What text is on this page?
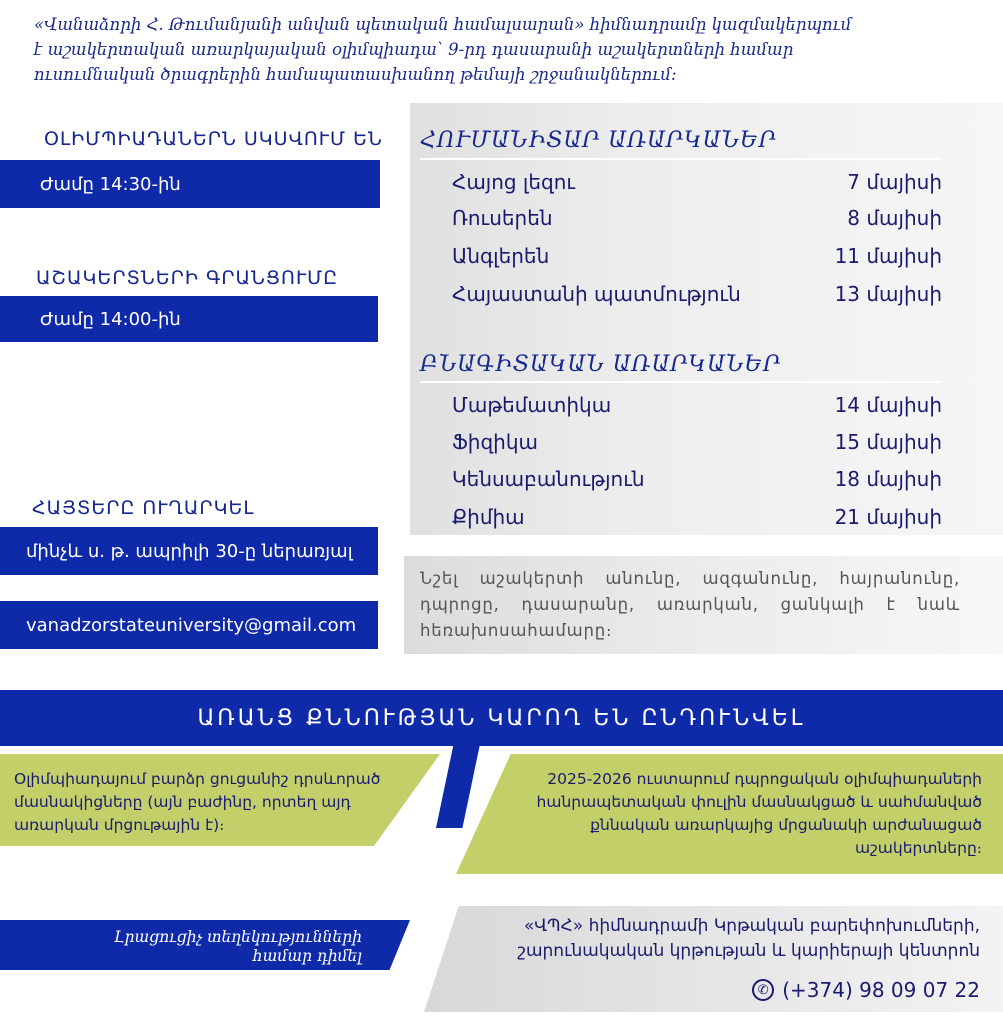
«Վանաձորի Հ. Թումանյանի անվան պետական համալսարան» հիմնադրամը կազմակերպում է աշակերտական առարկայական օլիմպիադա՝ 9-րդ դասարանի աշակերտների համար ուսումնական ծրագրերին համապատասխանող թեմայի շրջանակներում։
ՕԼԻՄՊԻԱԴԱՆԵՐՆ ՍԿՍՎՈՒՄ ԵՆ
Ժամը 14:30-ին
ԱՇԱԿԵՐՏՆԵՐԻ ԳՐԱՆՑՈՒՄԸ
Ժամը 14:00-ին
ՀԱՅՏԵՐԸ ՈՒՂԱՐԿԵԼ
մինչև ս. թ. ապրիլի 30-ը ներառյալ
vanadzorstateuniversity@gmail.com
ՀՈՒՄԱՆԻՏԱՐ ԱՌԱՐԿԱՆԵՐ
Հայոց լեզու	7 մայիսի
Ռուսերեն	8 մայիսի
Անգլերեն	11 մայիսի
Հայաստանի պատմություն	13 մայիսի
ԲՆԱԳԻՏԱԿԱՆ ԱՌԱՐԿԱՆԵՐ
Մաթեմատիկա	14 մայիսի
Ֆիզիկա	15 մայիսի
Կենսաբանություն	18 մայիսի
Քիմիա	21 մայիսի
Նշել աշակերտի անունը, ազգանունը, հայրանունը, դպրոցը, դասարանը, առարկան, ցանկալի է նաև հեռախոսահամարը։
ԱՌԱՆՑ ՔՆՆՈՒԹՅԱՆ ԿԱՐՈՂ ԵՆ ԸՆԴՈՒՆՎԵԼ
Օլիմպիադայում բարձր ցուցանիշ դրսևորած մասնակիցները (այն բաժինը, որտեղ այդ առարկան մրցութային է)։
2025-2026 ուստարում դպրոցական օլիմպիադաների հանրապետական փուլին մասնակցած և սահմանված քննական առարկայից մրցանակի արժանացած աշակերտները։
Լրացուցիչ տեղեկությունների համար դիմել
«ՎՊՀ» հիմնադրամի Կրթական բարեփոխումների, շարունակական կրթության և կարիերայի կենտրոն
✆ (+374) 98 09 07 22
